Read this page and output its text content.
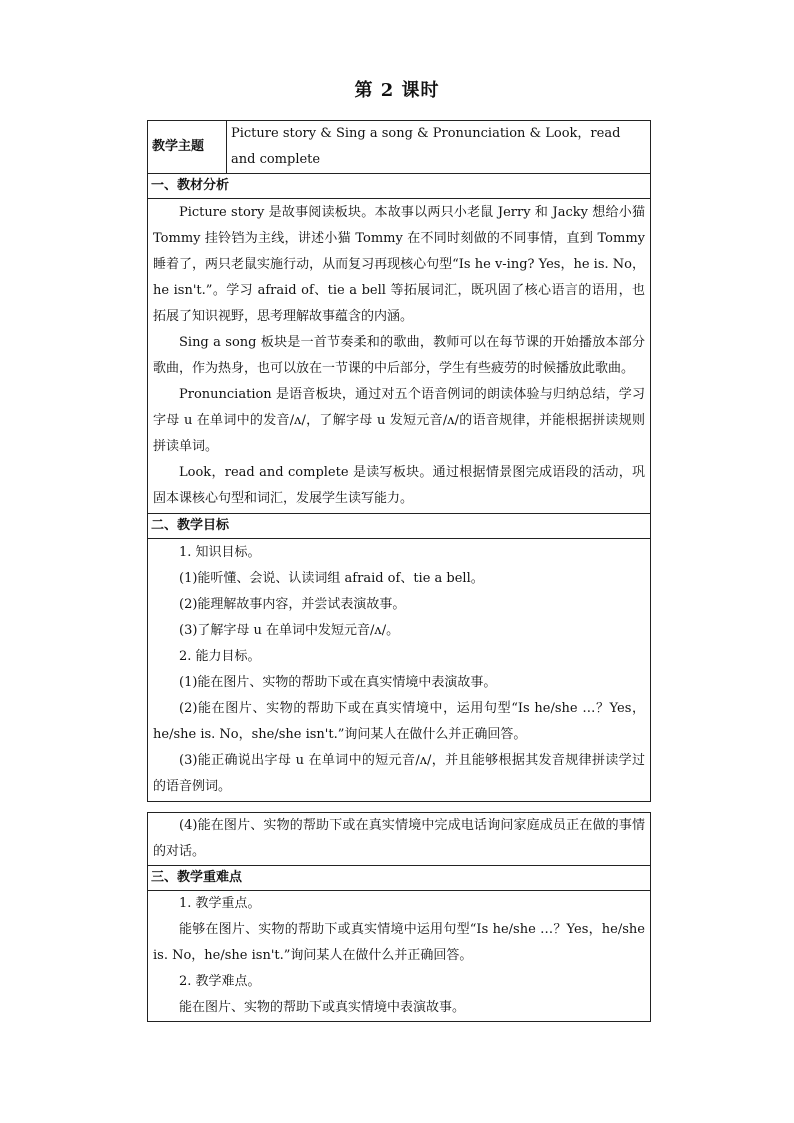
第 2 课时
教学主题	Picture story & Sing a song & Pronunciation & Look，read and complete
一、教材分析

Picture story 是故事阅读板块。本故事以两只小老鼠 Jerry 和 Jacky 想给小猫 Tommy 挂铃铛为主线，讲述小猫 Tommy 在不同时刻做的不同事情，直到 Tommy 睡着了，两只老鼠实施行动，从而复习再现核心句型“Is he v-ing? Yes，he is. No，he isn't.”。学习 afraid of、tie a bell 等拓展词汇，既巩固了核心语言的语用，也拓展了知识视野，思考理解故事蕴含的内涵。

Sing a song 板块是一首节奏柔和的歌曲，教师可以在每节课的开始播放本部分歌曲，作为热身，也可以放在一节课的中后部分，学生有些疲劳的时候播放此歌曲。

Pronunciation 是语音板块，通过对五个语音例词的朗读体验与归纳总结，学习字母 u 在单词中的发音/ʌ/，了解字母 u 发短元音/ʌ/的语音规律，并能根据拼读规则拼读单词。

Look，read and complete 是读写板块。通过根据情景图完成语段的活动，巩固本课核心句型和词汇，发展学生读写能力。

二、教学目标

1. 知识目标。

(1)能听懂、会说、认读词组 afraid of、tie a bell。

(2)能理解故事内容，并尝试表演故事。

(3)了解字母 u 在单词中发短元音/ʌ/。

2. 能力目标。

(1)能在图片、实物的帮助下或在真实情境中表演故事。

(2)能在图片、实物的帮助下或在真实情境中，运用句型“Is he/she …？Yes，he/she is. No，she/she isn't.”询问某人在做什么并正确回答。

(3)能正确说出字母 u 在单词中的短元音/ʌ/，并且能够根据其发音规律拼读学过的语音例词。

(4)能在图片、实物的帮助下或在真实情境中完成电话询问家庭成员正在做的事情的对话。

三、教学重难点

1. 教学重点。

能够在图片、实物的帮助下或真实情境中运用句型“Is he/she …？Yes，he/she is. No，he/she isn't.”询问某人在做什么并正确回答。

2. 教学难点。

能在图片、实物的帮助下或真实情境中表演故事。
